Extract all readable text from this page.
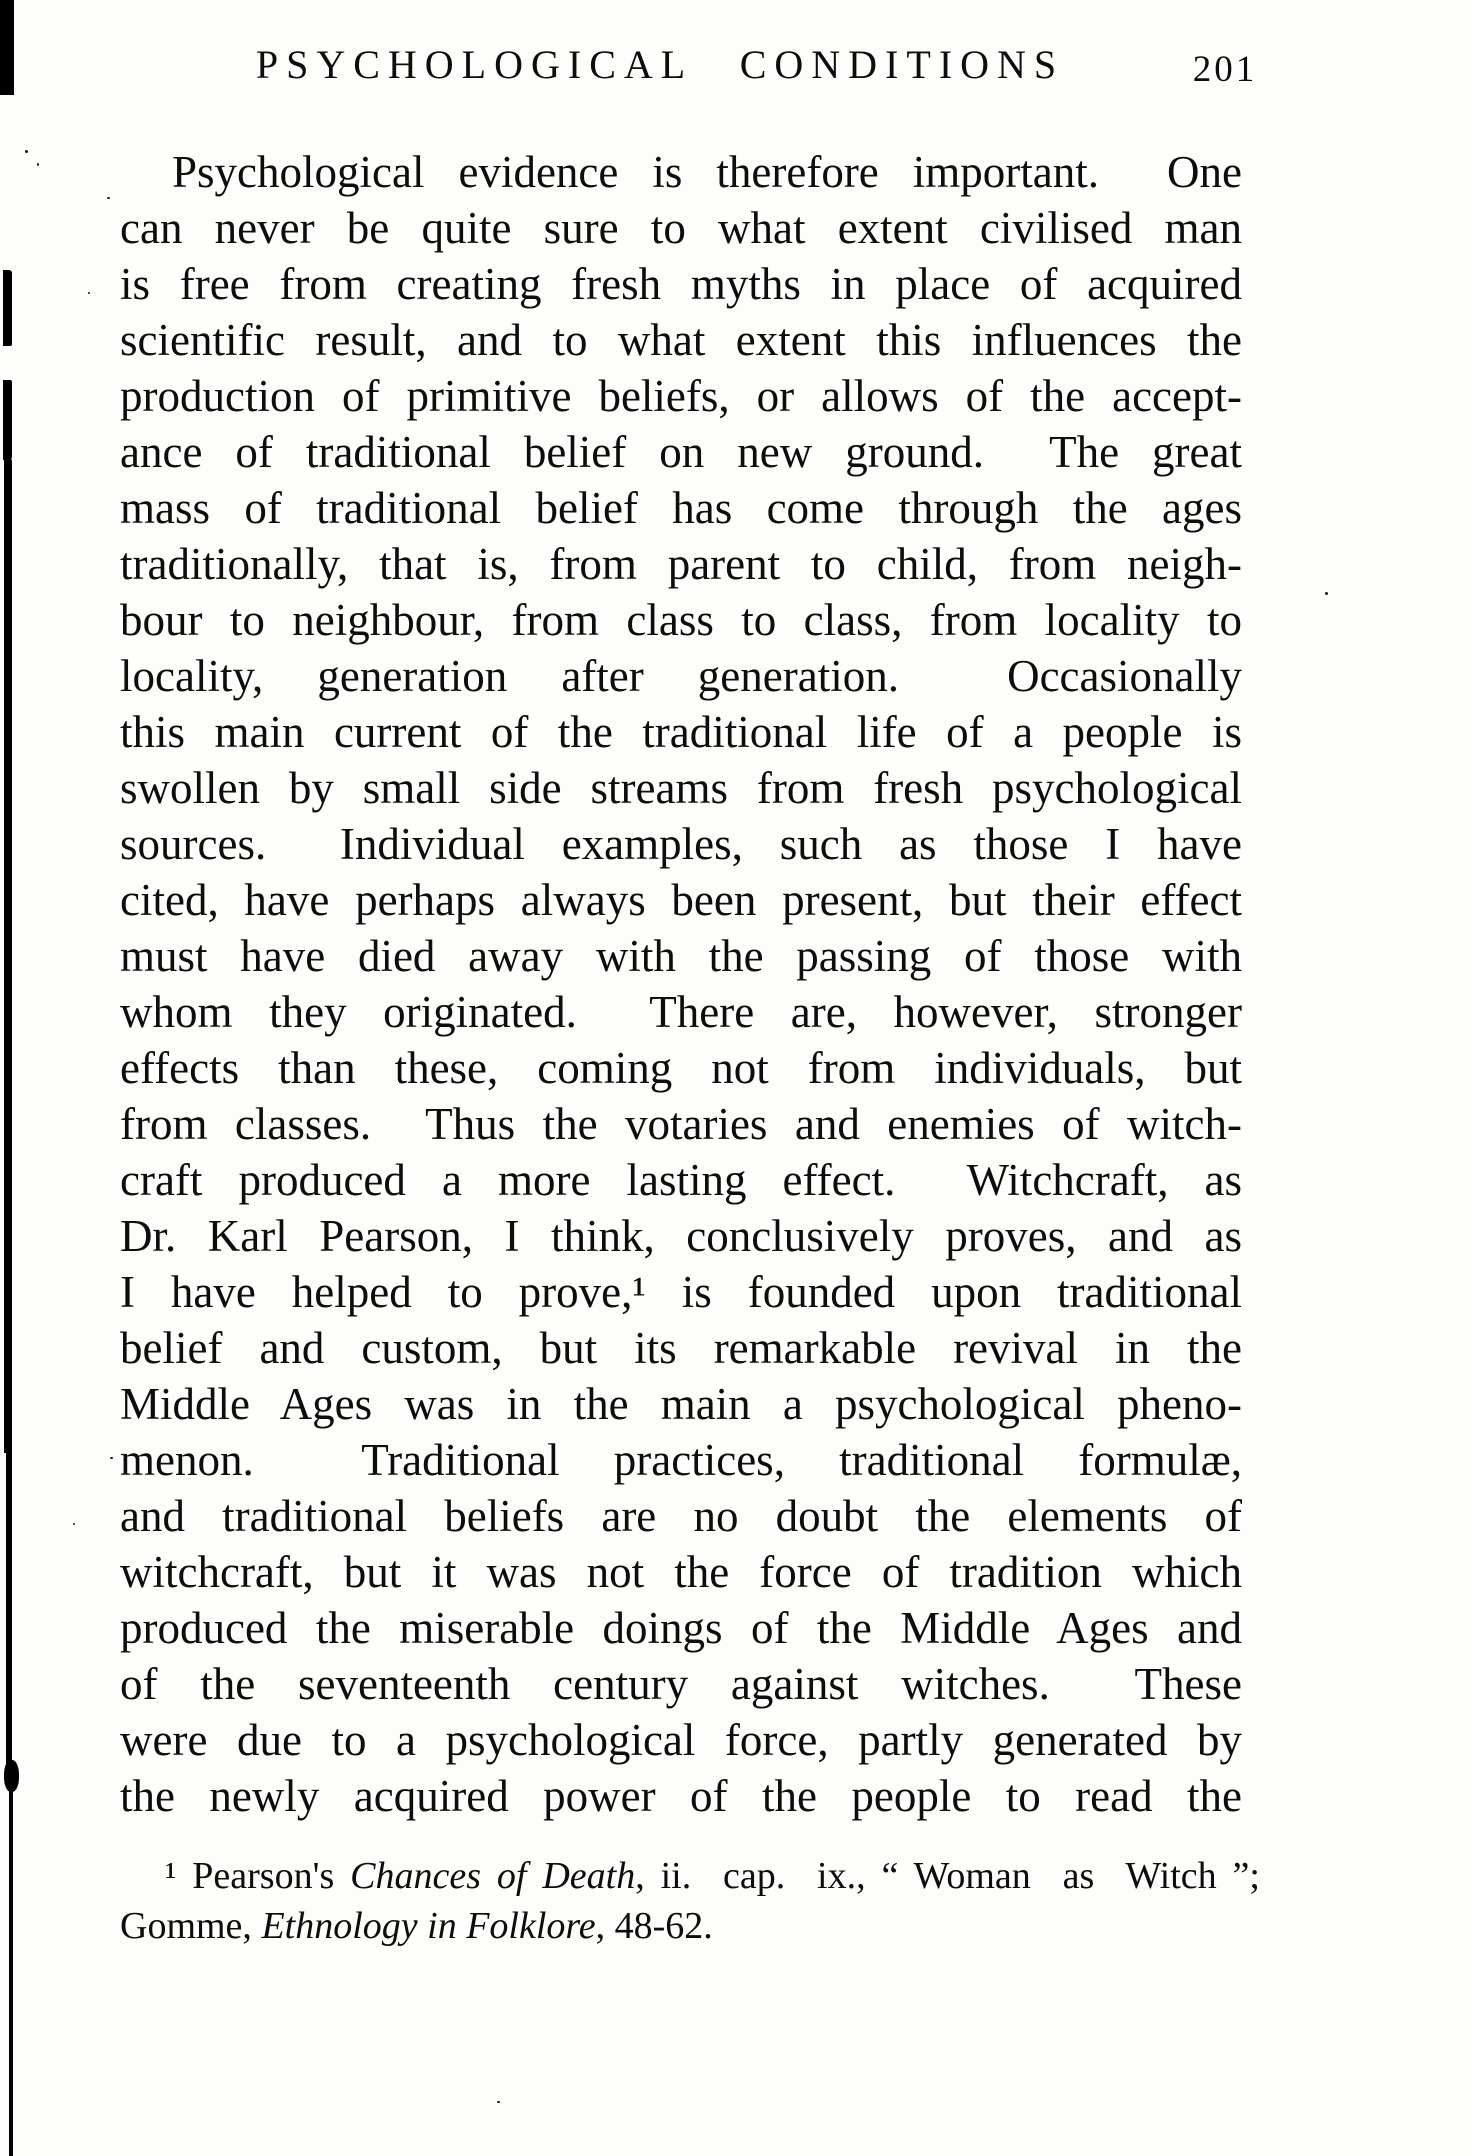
PSYCHOLOGICAL CONDITIONS	201
Psychological evidence is therefore important.  One
can never be quite sure to what extent civilised man
is free from creating fresh myths in place of acquired
scientific result, and to what extent this influences the
production of primitive beliefs, or allows of the accept-
ance of traditional belief on new ground.  The great
mass of traditional belief has come through the ages
traditionally, that is, from parent to child, from neigh-
bour to neighbour, from class to class, from locality to
locality, generation after generation.  Occasionally
this main current of the traditional life of a people is
swollen by small side streams from fresh psychological
sources.  Individual examples, such as those I have
cited, have perhaps always been present, but their effect
must have died away with the passing of those with
whom they originated.  There are, however, stronger
effects than these, coming not from individuals, but
from classes.  Thus the votaries and enemies of witch-
craft produced a more lasting effect.  Witchcraft, as
Dr. Karl Pearson, I think, conclusively proves, and as
I have helped to prove,¹ is founded upon traditional
belief and custom, but its remarkable revival in the
Middle Ages was in the main a psychological pheno-
menon.  Traditional practices, traditional formulæ,
and traditional beliefs are no doubt the elements of
witchcraft, but it was not the force of tradition which
produced the miserable doings of the Middle Ages and
of the seventeenth century against witches.  These
were due to a psychological force, partly generated by
the newly acquired power of the people to read the
¹ Pearson's Chances of Death, ii.  cap.  ix., “ Woman  as  Witch ”;
Gomme, Ethnology in Folklore, 48-62.
